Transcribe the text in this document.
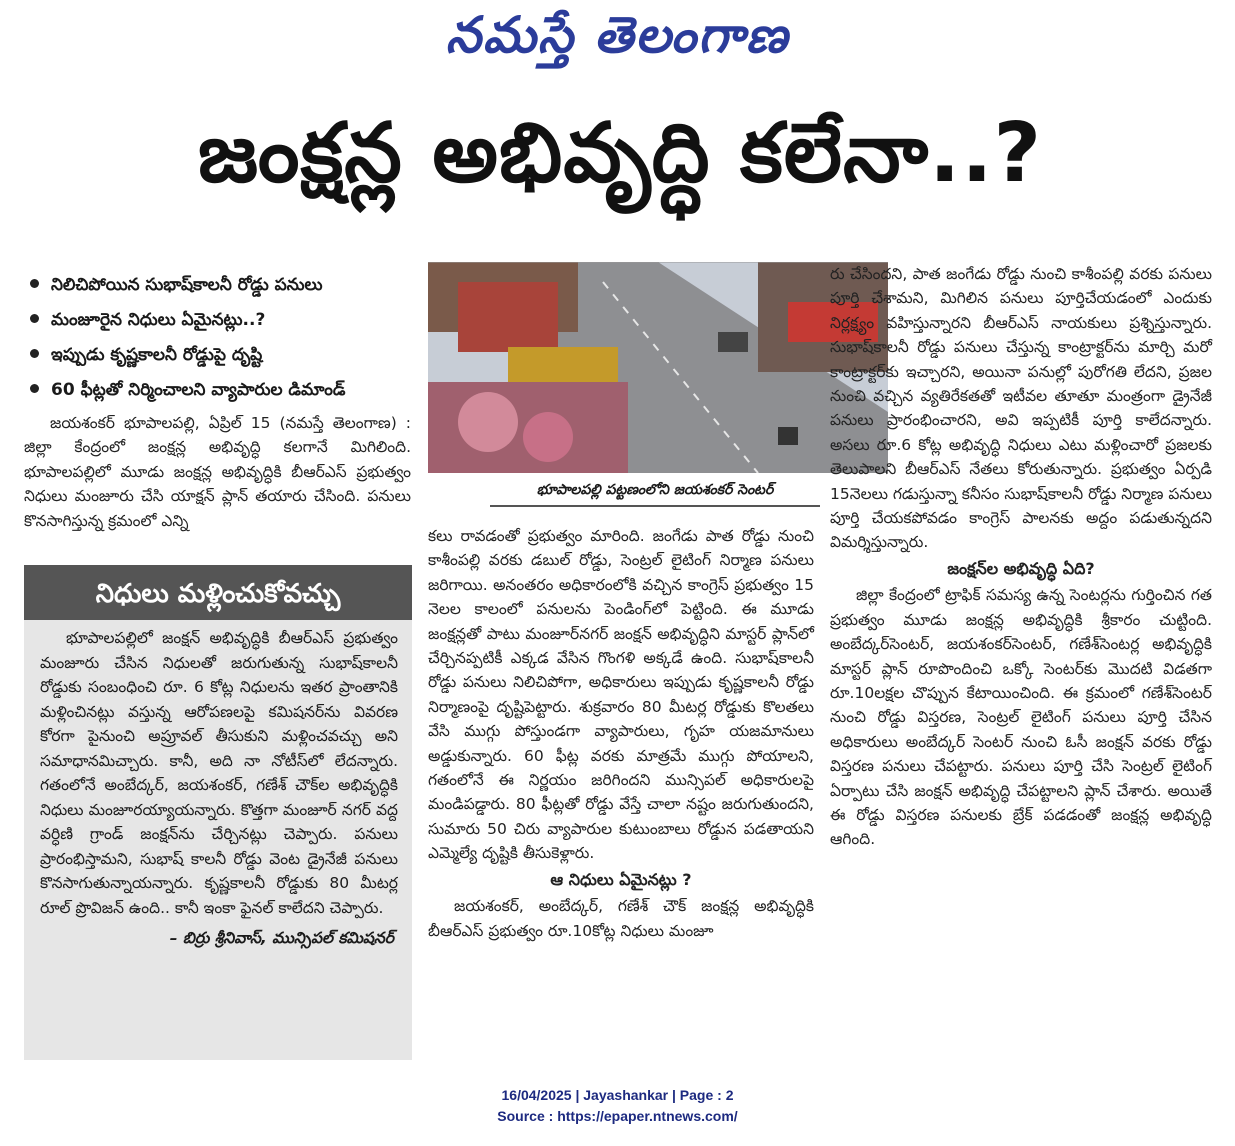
నమస్తే తెలంగాణ
జంక్షన్ల అభివృద్ధి కలేనా..?
నిలిచిపోయిన సుభాష్‌కాలనీ రోడ్డు పనులు
మంజూరైన నిధులు ఏమైనట్లు..?
ఇప్పుడు కృష్ణకాలనీ రోడ్డుపై దృష్టి
60 ఫీట్లతో నిర్మించాలని వ్యాపారుల డిమాండ్

జయశంకర్ భూపాలపల్లి, ఏప్రిల్ 15 (నమస్తే తెలంగాణ) : జిల్లా కేంద్రంలో జంక్షన్ల అభివృద్ధి కలగానే మిగిలింది. భూపాలపల్లిలో మూడు జంక్షన్ల అభివృద్ధికి బీఆర్‌ఎస్ ప్రభుత్వం నిధులు మంజూరు చేసి యాక్షన్ ప్లాన్ తయారు చేసింది. పనులు కొనసాగిస్తున్న క్రమంలో ఎన్ని

నిధులు మళ్లించుకోవచ్చు

భూపాలపల్లిలో జంక్షన్ అభివృద్ధికి బీఆర్‌ఎస్ ప్రభుత్వం మంజూరు చేసిన నిధులతో జరుగుతున్న సుభాష్‌కాలనీ రోడ్డుకు సంబంధించి రూ. 6 కోట్ల నిధులను ఇతర ప్రాంతానికి మళ్లించినట్లు వస్తున్న ఆరోపణలపై కమిషనర్‌ను వివరణ కోరగా పైనుంచి అప్రూవల్ తీసుకుని మళ్లించవచ్చు అని సమాధానమిచ్చారు. కానీ, అది నా నోటీస్‌లో లేదన్నారు. గతంలోనే అంబేద్కర్, జయశంకర్, గణేశ్ చౌక్‌ల అభివృద్ధికి నిధులు మంజూరయ్యాయన్నారు. కొత్తగా మంజూర్ నగర్ వద్ద వర్ధిణి గ్రాండ్ జంక్షన్‌ను చేర్చినట్లు చెప్పారు. పనులు ప్రారంభిస్తామని, సుభాష్ కాలనీ రోడ్డు వెంట డ్రైనేజీ పనులు కొనసాగుతున్నాయన్నారు. కృష్ణకాలనీ రోడ్డుకు 80 మీటర్ల రూల్ ప్రొవిజన్ ఉంది.. కానీ ఇంకా ఫైనల్ కాలేదని చెప్పారు.

– బిర్రు శ్రీనివాస్, మున్సిపల్ కమిషనర్
భూపాలపల్లి పట్టణంలోని జయశంకర్ సెంటర్

కలు రావడంతో ప్రభుత్వం మారింది. జంగేడు పాత రోడ్డు నుంచి కాశీంపల్లి వరకు డబుల్ రోడ్డు, సెంట్రల్ లైటింగ్ నిర్మాణ పనులు జరిగాయి. అనంతరం అధికారంలోకి వచ్చిన కాంగ్రెస్ ప్రభుత్వం 15 నెలల కాలంలో పనులను పెండింగ్‌లో పెట్టింది. ఈ మూడు జంక్షన్లతో పాటు మంజూర్‌నగర్ జంక్షన్ అభివృద్ధిని మాస్టర్ ప్లాన్‌లో చేర్చినప్పటికీ ఎక్కడ వేసిన గొంగళి అక్కడే ఉంది. సుభాష్‌కాలనీ రోడ్డు పనులు నిలిచిపోగా, అధికారులు ఇప్పుడు కృష్ణకాలనీ రోడ్డు నిర్మాణంపై దృష్టిపెట్టారు. శుక్రవారం 80 మీటర్ల రోడ్డుకు కొలతలు వేసి ముగ్గు పోస్తుండగా వ్యాపారులు, గృహ యజమానులు అడ్డుకున్నారు. 60 ఫీట్ల వరకు మాత్రమే ముగ్గు పోయాలని, గతంలోనే ఈ నిర్ణయం జరిగిందని మున్సిపల్ అధికారులపై మండిపడ్డారు. 80 ఫీట్లతో రోడ్డు వేస్తే చాలా నష్టం జరుగుతుందని, సుమారు 50 చిరు వ్యాపారుల కుటుంబాలు రోడ్డున పడతాయని ఎమ్మెల్యే దృష్టికి తీసుకెళ్లారు.

ఆ నిధులు ఏమైనట్లు ?

జయశంకర్, అంబేద్కర్, గణేశ్ చౌక్ జంక్షన్ల అభివృద్ధికి బీఆర్‌ఎస్ ప్రభుత్వం రూ.10కోట్ల నిధులు మంజూ

రు చేసిందని, పాత జంగేడు రోడ్డు నుంచి కాశీంపల్లి వరకు పనులు పూర్తి చేశామని, మిగిలిన పనులు పూర్తిచేయడంలో ఎందుకు నిర్లక్ష్యం వహిస్తున్నారని బీఆర్‌ఎస్ నాయకులు ప్రశ్నిస్తున్నారు. సుభాష్‌కాలనీ రోడ్డు పనులు చేస్తున్న కాంట్రాక్టర్‌ను మార్చి మరో కాంట్రాక్టర్‌కు ఇచ్చారని, అయినా పనుల్లో పురోగతి లేదని, ప్రజల నుంచి వచ్చిన వ్యతిరేకతతో ఇటీవల తూతూ మంత్రంగా డ్రైనేజీ పనులు ప్రారంభించారని, అవి ఇప్పటికీ పూర్తి కాలేదన్నారు. అసలు రూ.6 కోట్ల అభివృద్ధి నిధులు ఎటు మళ్లించారో ప్రజలకు తెలుపాలని బీఆర్‌ఎస్ నేతలు కోరుతున్నారు. ప్రభుత్వం ఏర్పడి 15నెలలు గడుస్తున్నా కనీసం సుభాష్‌కాలనీ రోడ్డు నిర్మాణ పనులు పూర్తి చేయకపోవడం కాంగ్రెస్ పాలనకు అద్దం పడుతున్నదని విమర్శిస్తున్నారు.

జంక్షన్‌ల అభివృద్ధి ఏది?

జిల్లా కేంద్రంలో ట్రాఫిక్ సమస్య ఉన్న సెంటర్లను గుర్తించిన గత ప్రభుత్వం మూడు జంక్షన్ల అభివృద్ధికి శ్రీకారం చుట్టింది. అంబేద్కర్‌సెంటర్, జయశంకర్‌సెంటర్, గణేశ్‌సెంటర్ల అభివృద్ధికి మాస్టర్ ప్లాన్ రూపొందించి ఒక్కో సెంటర్‌కు మొదటి విడతగా రూ.10లక్షల చొప్పున కేటాయించింది. ఈ క్రమంలో గణేశ్‌సెంటర్ నుంచి రోడ్డు విస్తరణ, సెంట్రల్ లైటింగ్ పనులు పూర్తి చేసిన అధికారులు అంబేద్కర్ సెంటర్ నుంచి ఓసీ జంక్షన్ వరకు రోడ్డు విస్తరణ పనులు చేపట్టారు. పనులు పూర్తి చేసి సెంట్రల్ లైటింగ్ ఏర్పాటు చేసి జంక్షన్ అభివృద్ధి చేపట్టాలని ప్లాన్ చేశారు. అయితే ఈ రోడ్డు విస్తరణ పనులకు బ్రేక్ పడడంతో జంక్షన్ల అభివృద్ధి ఆగింది.

16/04/2025 | Jayashankar | Page : 2
Source : https://epaper.ntnews.com/
